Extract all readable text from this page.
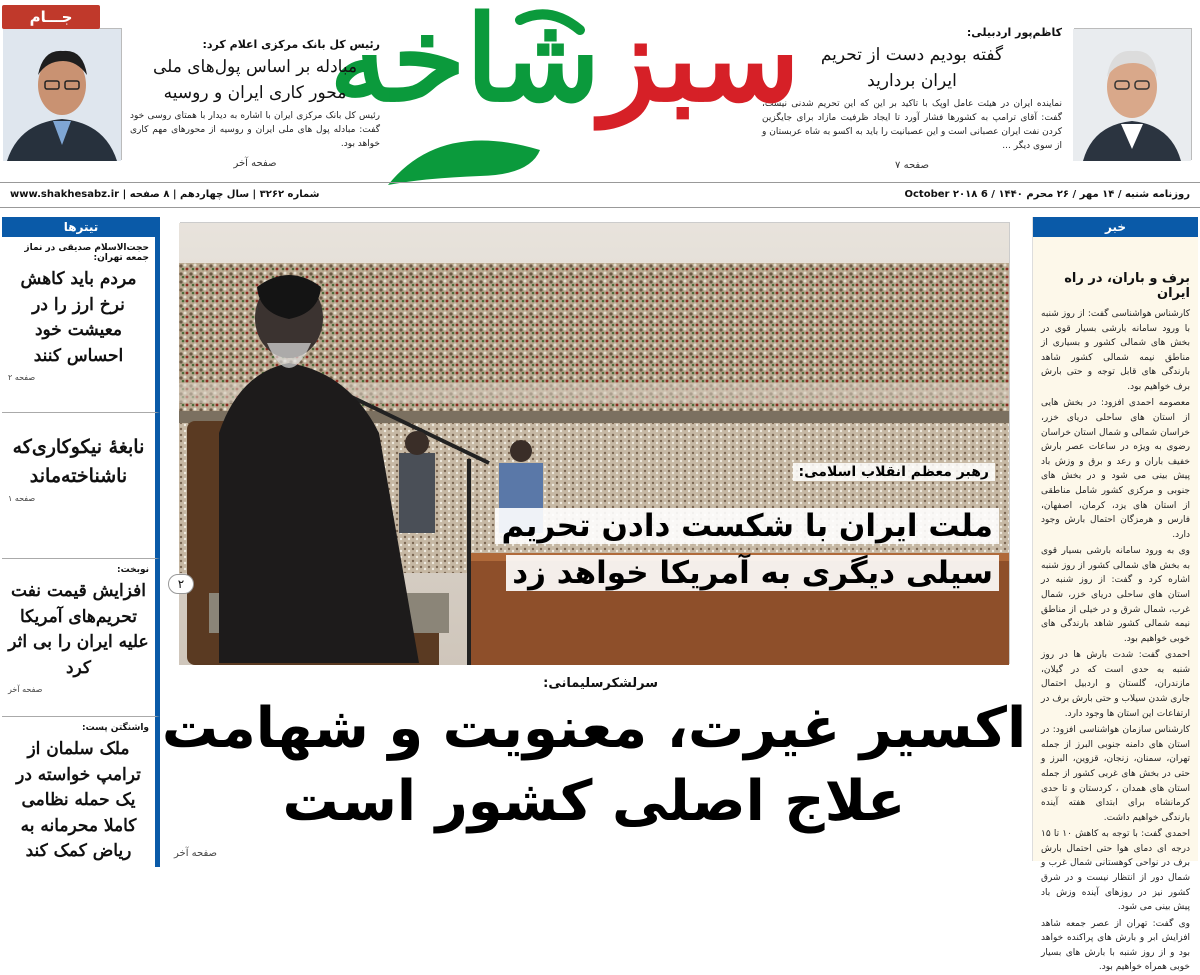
کاظم‌پور اردبیلی:
گفته بودیم دست از تحریم
ایران بردارید
نماینده ایران در هیئت عامل اوپک با تاکید بر این که این تحریم شدنی نیست، گفت: آقای ترامپ به کشورها فشار آورد تا ایجاد ظرفیت مازاد برای جایگزین کردن نفت ایران عصبانی است و این عصبانیت را باید به اکسو به شاه عربستان و از سوی دیگر ...
صفحه ۷
سبزشاخه
رئیس کل بانک مرکزی اعلام کرد:
مبادله بر اساس پول‌های ملی
محور کاری ایران و روسیه
رئیس کل بانک مرکزی ایران با اشاره به دیدار با همتای روسی خود گفت: مبادله پول های ملی ایران و روسیه از محورهای مهم کاری خواهد بود.
صفحه آخر
جـــام
روزنامه شنبه / ۱۴ مهر / ۲۶ محرم ۱۴۴۰ / 6 October ۲۰۱۸
شماره ۳۲۶۲ | سال چهاردهم | ۸ صفحه | www.shakhesabz.ir
خبر
برف و باران، در راه ایران

کارشناس هواشناسی گفت: از روز شنبه با ورود سامانه بارشی بسیار قوی در بخش های شمالی کشور و بسیاری از مناطق نیمه شمالی کشور شاهد بارندگی های قابل توجه و حتی بارش برف خواهیم بود.

معصومه احمدی افزود: در بخش هایی از استان های ساحلی دریای خزر، خراسان شمالی و شمال استان خراسان رضوی به ویژه در ساعات عصر بارش خفیف باران و رعد و برق و وزش باد پیش بینی می شود و در بخش های جنوبی و مرکزی کشور شامل مناطقی از استان های یزد، کرمان، اصفهان، فارس و هرمزگان احتمال بارش وجود دارد.

وی به ورود سامانه بارشی بسیار قوی به بخش های شمالی کشور از روز شنبه اشاره کرد و گفت: از روز شنبه در استان های ساحلی دریای خزر، شمال غرب، شمال شرق و در خیلی از مناطق نیمه شمالی کشور شاهد بارندگی های خوبی خواهیم بود.

احمدی گفت: شدت بارش ها در روز شنبه به حدی است که در گیلان، مازندران، گلستان و اردبیل احتمال جاری شدن سیلاب و حتی بارش برف در ارتفاعات این استان ها وجود دارد.

کارشناس سازمان هواشناسی افزود: در استان های دامنه جنوبی البرز از جمله تهران، سمنان، زنجان، قزوین، البرز و حتی در بخش های غربی کشور از جمله استان های همدان ، کردستان و تا حدی کرمانشاه برای ابتدای هفته آینده بارندگی خواهیم داشت.

احمدی گفت: با توجه به کاهش ۱۰ تا ۱۵ درجه ای دمای هوا حتی احتمال بارش برف در نواحی کوهستانی شمال غرب و شمال دور از انتظار نیست و در شرق کشور نیز در روزهای آینده وزش باد پیش بینی می شود.

وی گفت: تهران از عصر جمعه شاهد افزایش ابر و بارش های پراکنده خواهد بود و از روز شنبه با بارش های بسیار خوبی همراه خواهیم بود.

تیترها
حجت‌الاسلام صدیقی در نماز جمعه تهران:
مردم باید کاهش نرخ ارز را در معیشت خود احساس کنند
صفحه ۲
نابغهٔ نیکوکاری‌که ناشناخته‌ماند
صفحه ۱
نوبخت:
افزایش قیمت نفت تحریم‌های آمریکا علیه ایران را بی اثر کرد
صفحه آخر
واشنگتن پست:
ملک سلمان از ترامپ خواسته در یک حمله نظامی کاملا محرمانه به ریاض کمک کند
رهبر معظم انقلاب اسلامی:
ملت ایران با شکست دادن تحریم
سیلی دیگری به آمریکا خواهد زد
۲
سرلشکرسلیمانی:
اکسیر غیرت، معنویت و شهامت
علاج اصلی کشور است
صفحه آخر
